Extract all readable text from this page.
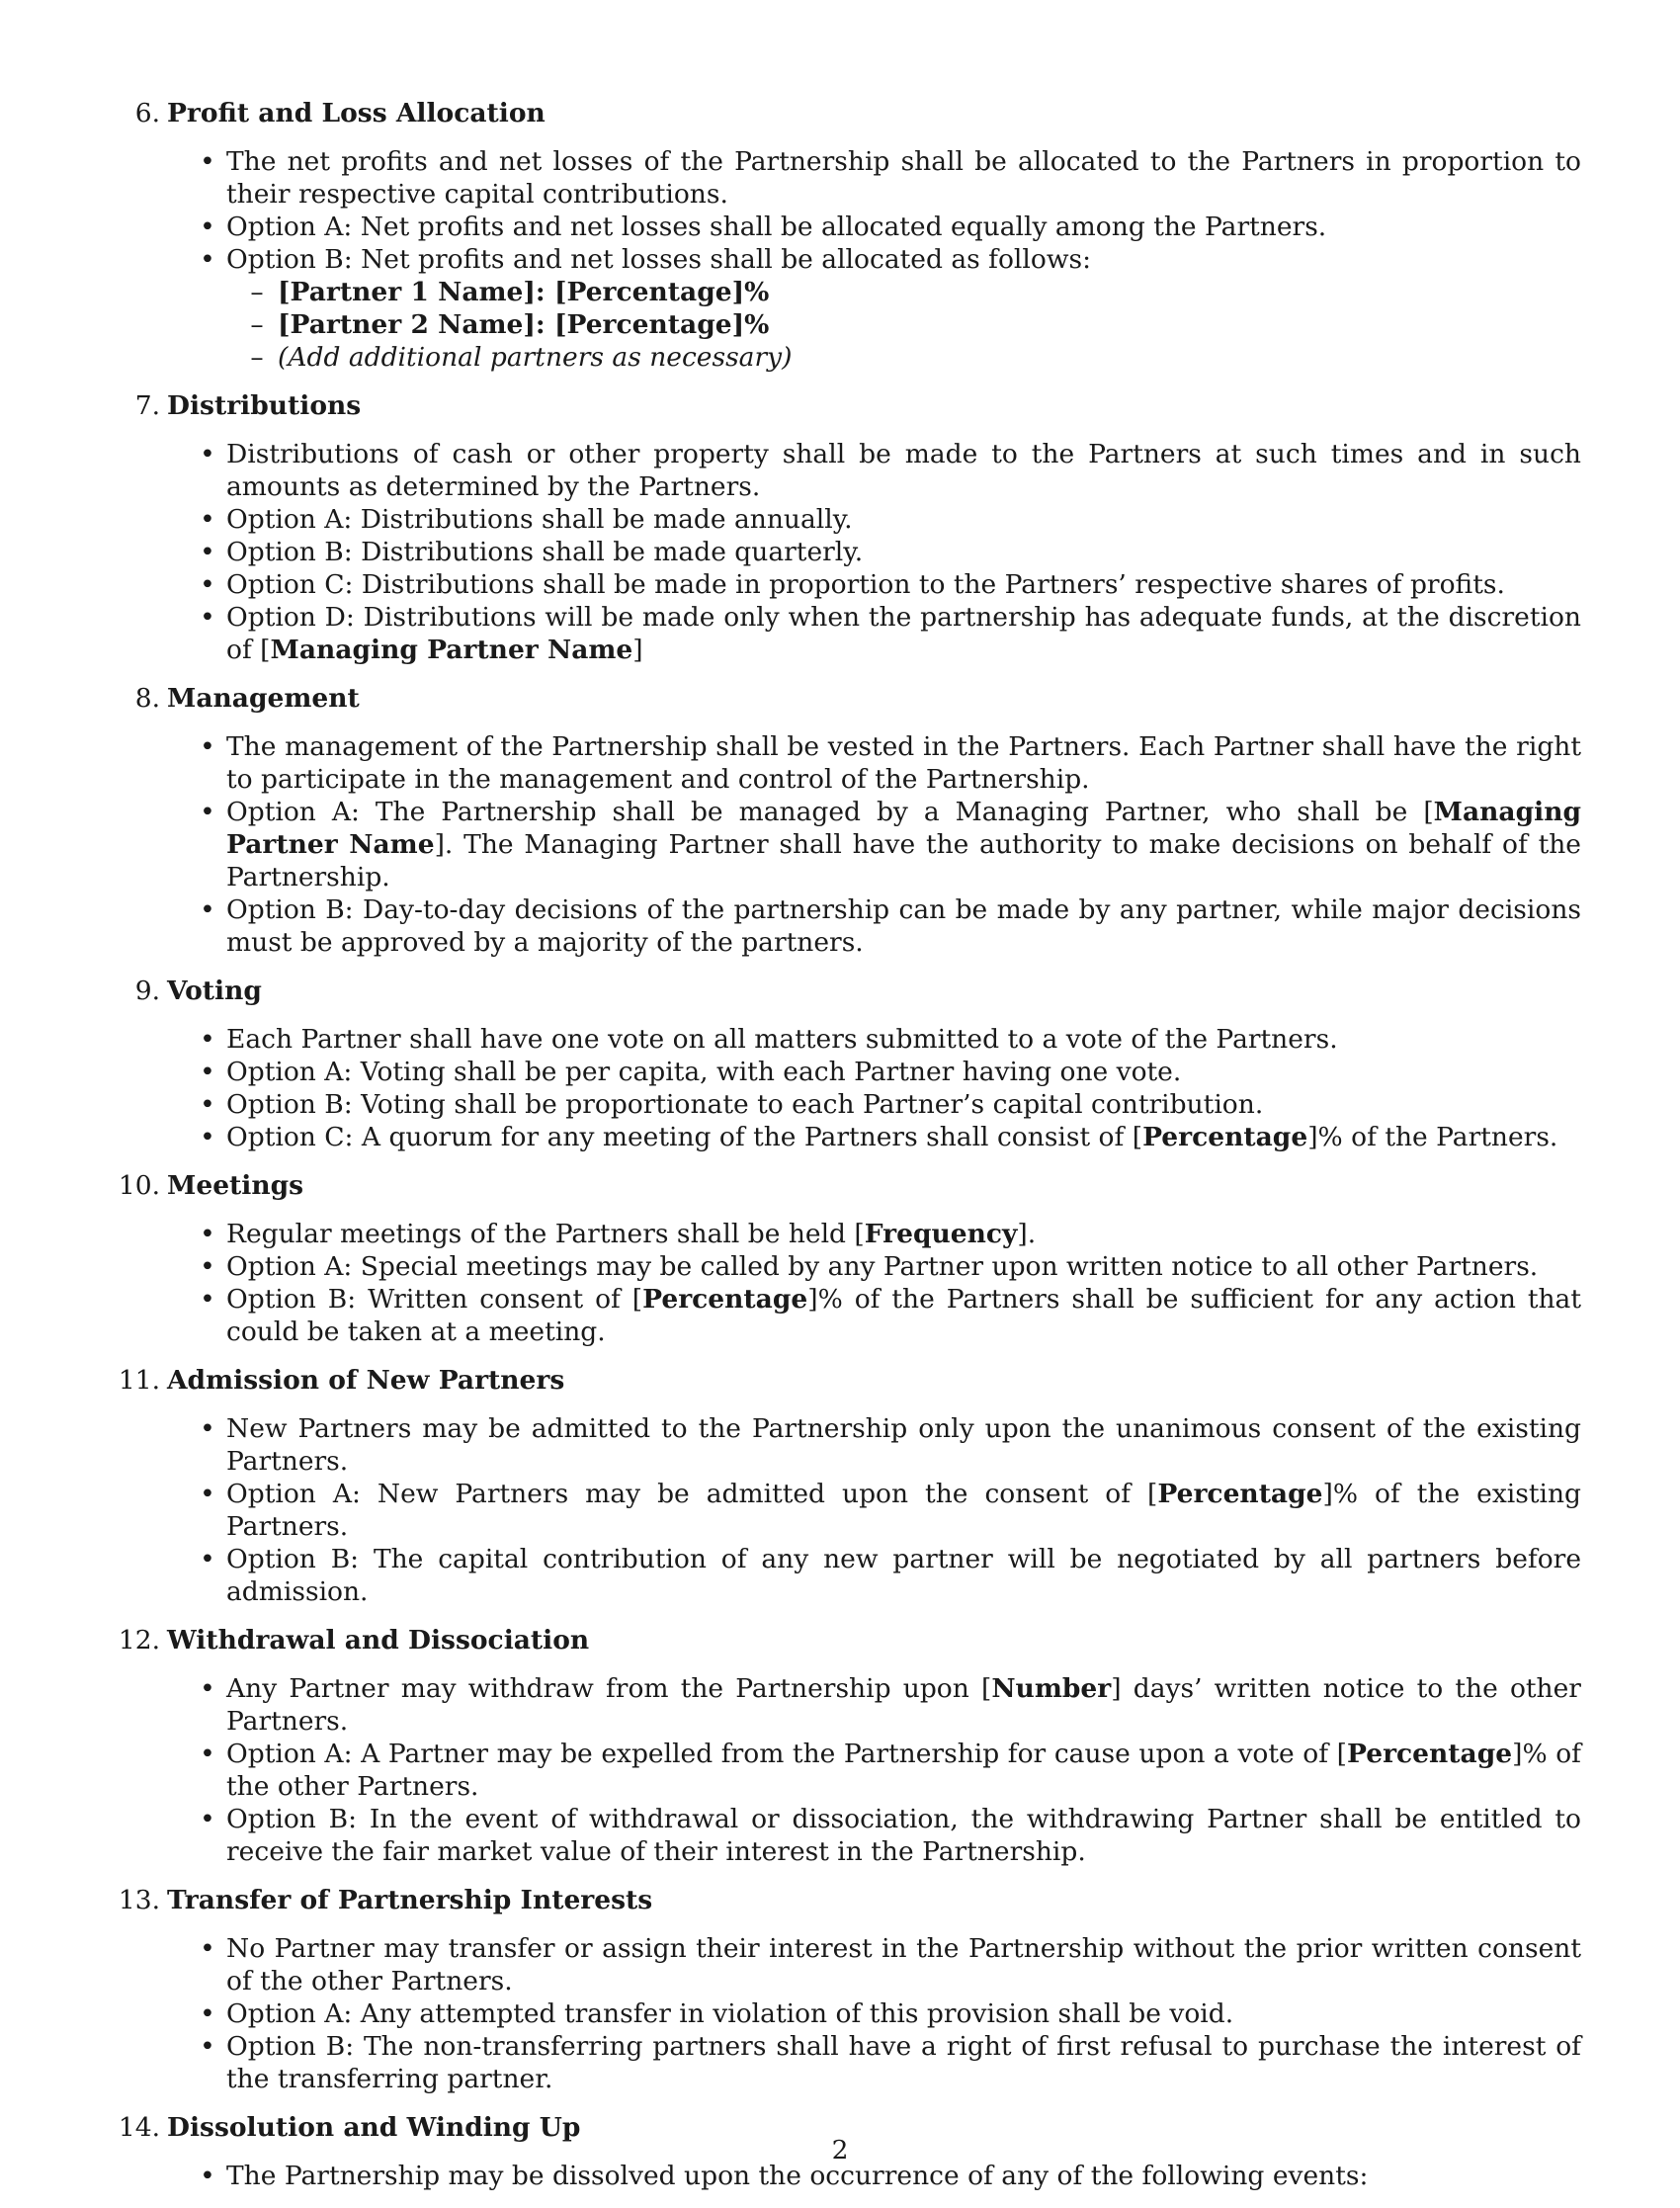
6. Profit and Loss Allocation
• The net profits and net losses of the Partnership shall be allocated to the Partners in proportion to their respective capital contributions.
• Option A: Net profits and net losses shall be allocated equally among the Partners.
• Option B: Net profits and net losses shall be allocated as follows:
– [Partner 1 Name]: [Percentage]%
– [Partner 2 Name]: [Percentage]%
– (Add additional partners as necessary)
7. Distributions
• Distributions of cash or other property shall be made to the Partners at such times and in such amounts as determined by the Partners.
• Option A: Distributions shall be made annually.
• Option B: Distributions shall be made quarterly.
• Option C: Distributions shall be made in proportion to the Partners’ respective shares of profits.
• Option D: Distributions will be made only when the partnership has adequate funds, at the discretion of [Managing Partner Name]
8. Management
• The management of the Partnership shall be vested in the Partners. Each Partner shall have the right to participate in the management and control of the Partnership.
• Option A: The Partnership shall be managed by a Managing Partner, who shall be [Managing Partner Name]. The Managing Partner shall have the authority to make decisions on behalf of the Partnership.
• Option B: Day-to-day decisions of the partnership can be made by any partner, while major decisions must be approved by a majority of the partners.
9. Voting
• Each Partner shall have one vote on all matters submitted to a vote of the Partners.
• Option A: Voting shall be per capita, with each Partner having one vote.
• Option B: Voting shall be proportionate to each Partner’s capital contribution.
• Option C: A quorum for any meeting of the Partners shall consist of [Percentage]% of the Partners.
10. Meetings
• Regular meetings of the Partners shall be held [Frequency].
• Option A: Special meetings may be called by any Partner upon written notice to all other Partners.
• Option B: Written consent of [Percentage]% of the Partners shall be sufficient for any action that could be taken at a meeting.
11. Admission of New Partners
• New Partners may be admitted to the Partnership only upon the unanimous consent of the existing Partners.
• Option A: New Partners may be admitted upon the consent of [Percentage]% of the existing Partners.
• Option B: The capital contribution of any new partner will be negotiated by all partners before admission.
12. Withdrawal and Dissociation
• Any Partner may withdraw from the Partnership upon [Number] days’ written notice to the other Partners.
• Option A: A Partner may be expelled from the Partnership for cause upon a vote of [Percentage]% of the other Partners.
• Option B: In the event of withdrawal or dissociation, the withdrawing Partner shall be entitled to receive the fair market value of their interest in the Partnership.
13. Transfer of Partnership Interests
• No Partner may transfer or assign their interest in the Partnership without the prior written consent of the other Partners.
• Option A: Any attempted transfer in violation of this provision shall be void.
• Option B: The non-transferring partners shall have a right of first refusal to purchase the interest of the transferring partner.
14. Dissolution and Winding Up
• The Partnership may be dissolved upon the occurrence of any of the following events:
2
